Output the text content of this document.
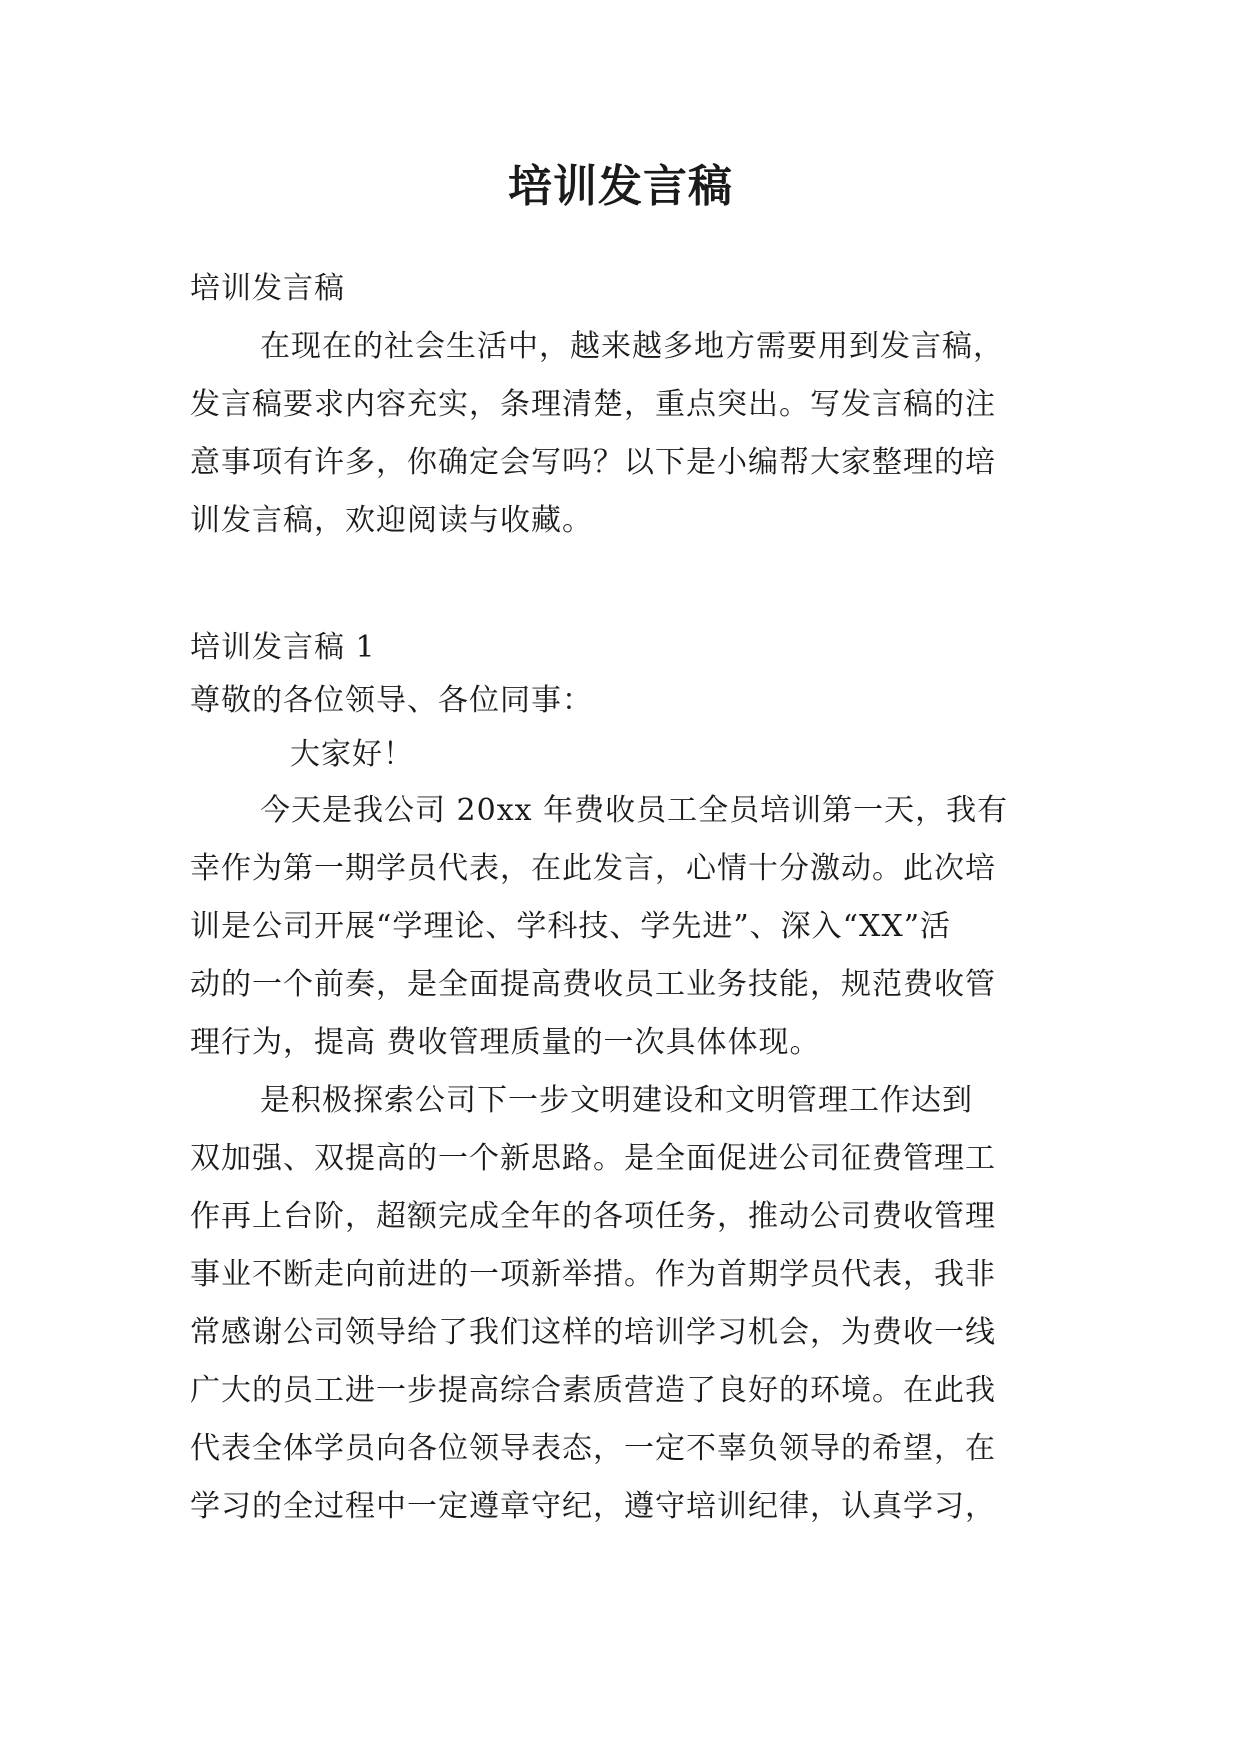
培训发言稿
培训发言稿
在现在的社会生活中，越来越多地方需要用到发言稿，
发言稿要求内容充实，条理清楚，重点突出。写发言稿的注
意事项有许多，你确定会写吗？以下是小编帮大家整理的培
训发言稿，欢迎阅读与收藏。
培训发言稿 1
尊敬的各位领导、各位同事：
大家好！
今天是我公司 20xx 年费收员工全员培训第一天，我有
幸作为第一期学员代表，在此发言，心情十分激动。此次培
训是公司开展“学理论、学科技、学先进”、深入“XX”活
动的一个前奏，是全面提高费收员工业务技能，规范费收管
理行为，提高 费收管理质量的一次具体体现。
是积极探索公司下一步文明建设和文明管理工作达到
双加强、双提高的一个新思路。是全面促进公司征费管理工
作再上台阶，超额完成全年的各项任务，推动公司费收管理
事业不断走向前进的一项新举措。作为首期学员代表，我非
常感谢公司领导给了我们这样的培训学习机会，为费收一线
广大的员工进一步提高综合素质营造了良好的环境。在此我
代表全体学员向各位领导表态，一定不辜负领导的希望，在
学习的全过程中一定遵章守纪，遵守培训纪律，认真学习，
